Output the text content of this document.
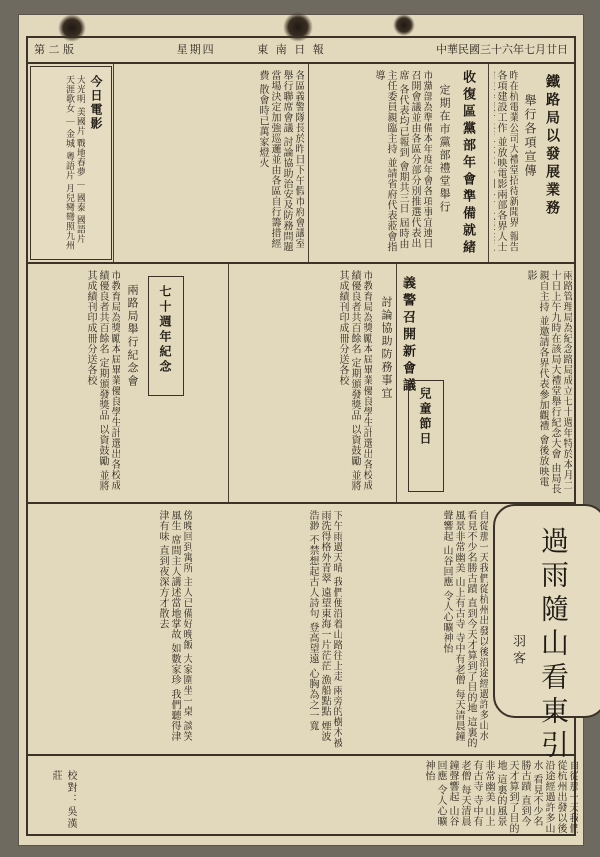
第 二 版	星期四	東 南 日 報	中華民國三十六年七月廿日
鐵路局以發展業務
舉行各項宣傳
昨在杭電業公司大禮堂招待新聞界 報告各項建設工作 並放映電影兩部各界人士
收復區黨部年會準備就緒
定期在市黨部禮堂舉行
市黨部為準備本年度年會各項事宜連日召開會議並由各區分部分別推選代表出席 各代表均已報到 會期共三日 屆時由主任委員親臨主持 並請省府代表蒞會指導
各區義警隊長於昨日下午假市府會議室舉行聯席會議 討論協助治安及防務問題 當場決定加強巡邏並由各區自行籌措經費 散會時已萬家燈火
今日電影
大光明 美國片 戰地春夢 ｜ 國泰 國語片 天涯歌女 ｜ 金城 粵語片 月兒彎彎照九州
義警召開新會議
討論協助防務事宜	兩路管理局為紀念路局成立七十週年特於本月二十日上午九時在該局大禮堂舉行紀念大會 由局長親自主持 並邀請各界代表參加觀禮 會後放映電影
市教育局為獎勵本屆畢業優良學生計選出各校成績優良者共百餘名 定期頒發獎品 以資鼓勵 並將其成績刊印成冊分送各校
七十週年紀念
兩路局舉行紀念會
市教育局為獎勵本屆畢業優良學生計選出各校成績優良者共百餘名 定期頒發獎品 以資鼓勵 並將其成績刊印成冊分送各校
兒童節日
自從那一天我們從杭州出發以後沿途經過許多山水 看見不少名勝古蹟 直到今天才算到了目的地 這裏的風景非常幽美 山上有古寺 寺中有老僧 每天清晨鐘聲響起 山谷回應 令人心曠神怡
下午雨過天晴 我們便沿着山路往上走 兩旁的樹木被雨洗得格外青翠 遠望東海一片茫茫 漁船點點 煙波浩渺 不禁想起古人詩句 登高望遠 心胸為之一寬
傍晚回到寓所 主人已備好晚飯 大家圍坐一桌 談笑風生 席間主人講述當地掌故 如數家珍 我們聽得津津有味 直到夜深方才散去	過雨隨山看東引
羽客
自從那一天我們從杭州出發以後沿途經過許多山水 看見不少名勝古蹟 直到今天才算到了目的地 這裏的風景非常幽美 山上有古寺 寺中有老僧 每天清晨鐘聲響起 山谷回應 令人心曠神怡
校對：吳漢莊
